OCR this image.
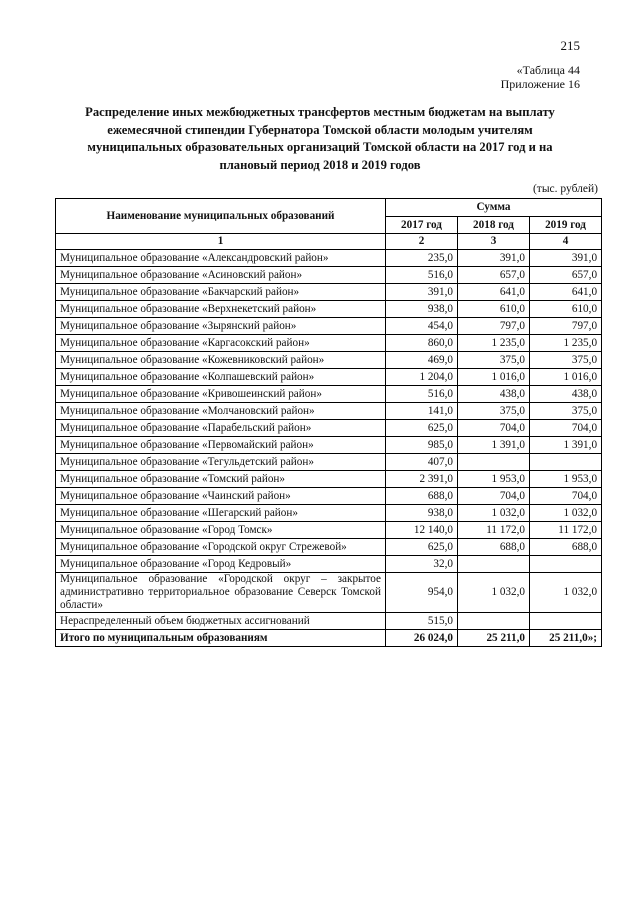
215
«Таблица 44
Приложение 16
Распределение иных межбюджетных трансфертов местным бюджетам на выплату ежемесячной стипендии Губернатора Томской области молодым учителям муниципальных образовательных организаций Томской области на 2017 год и на плановый период 2018 и 2019 годов
(тыс. рублей)
Наименование муниципальных образований	Сумма		
	2017 год	2018 год	2019 год
1	2	3	4
Муниципальное образование «Александровский район»	235,0	391,0	391,0
Муниципальное образование «Асиновский район»	516,0	657,0	657,0
Муниципальное образование «Бакчарский район»	391,0	641,0	641,0
Муниципальное образование «Верхнекетский район»	938,0	610,0	610,0
Муниципальное образование «Зырянский район»	454,0	797,0	797,0
Муниципальное образование «Каргасокский район»	860,0	1 235,0	1 235,0
Муниципальное образование «Кожевниковский район»	469,0	375,0	375,0
Муниципальное образование «Колпашевский район»	1 204,0	1 016,0	1 016,0
Муниципальное образование «Кривошеинский район»	516,0	438,0	438,0
Муниципальное образование «Молчановский район»	141,0	375,0	375,0
Муниципальное образование «Парабельский район»	625,0	704,0	704,0
Муниципальное образование «Первомайский район»	985,0	1 391,0	1 391,0
Муниципальное образование «Тегульдетский район»	407,0		
Муниципальное образование «Томский район»	2 391,0	1 953,0	1 953,0
Муниципальное образование «Чаинский район»	688,0	704,0	704,0
Муниципальное образование «Шегарский район»	938,0	1 032,0	1 032,0
Муниципальное образование «Город Томск»	12 140,0	11 172,0	11 172,0
Муниципальное образование «Городской округ Стрежевой»	625,0	688,0	688,0
Муниципальное образование «Город Кедровый»	32,0		
Муниципальное образование «Городской округ – закрытое административно территориальное образование Северск Томской области»	954,0	1 032,0	1 032,0
Нераспределенный объем бюджетных ассигнований	515,0		
Итого по муниципальным образованиям	26 024,0	25 211,0	25 211,0»;
